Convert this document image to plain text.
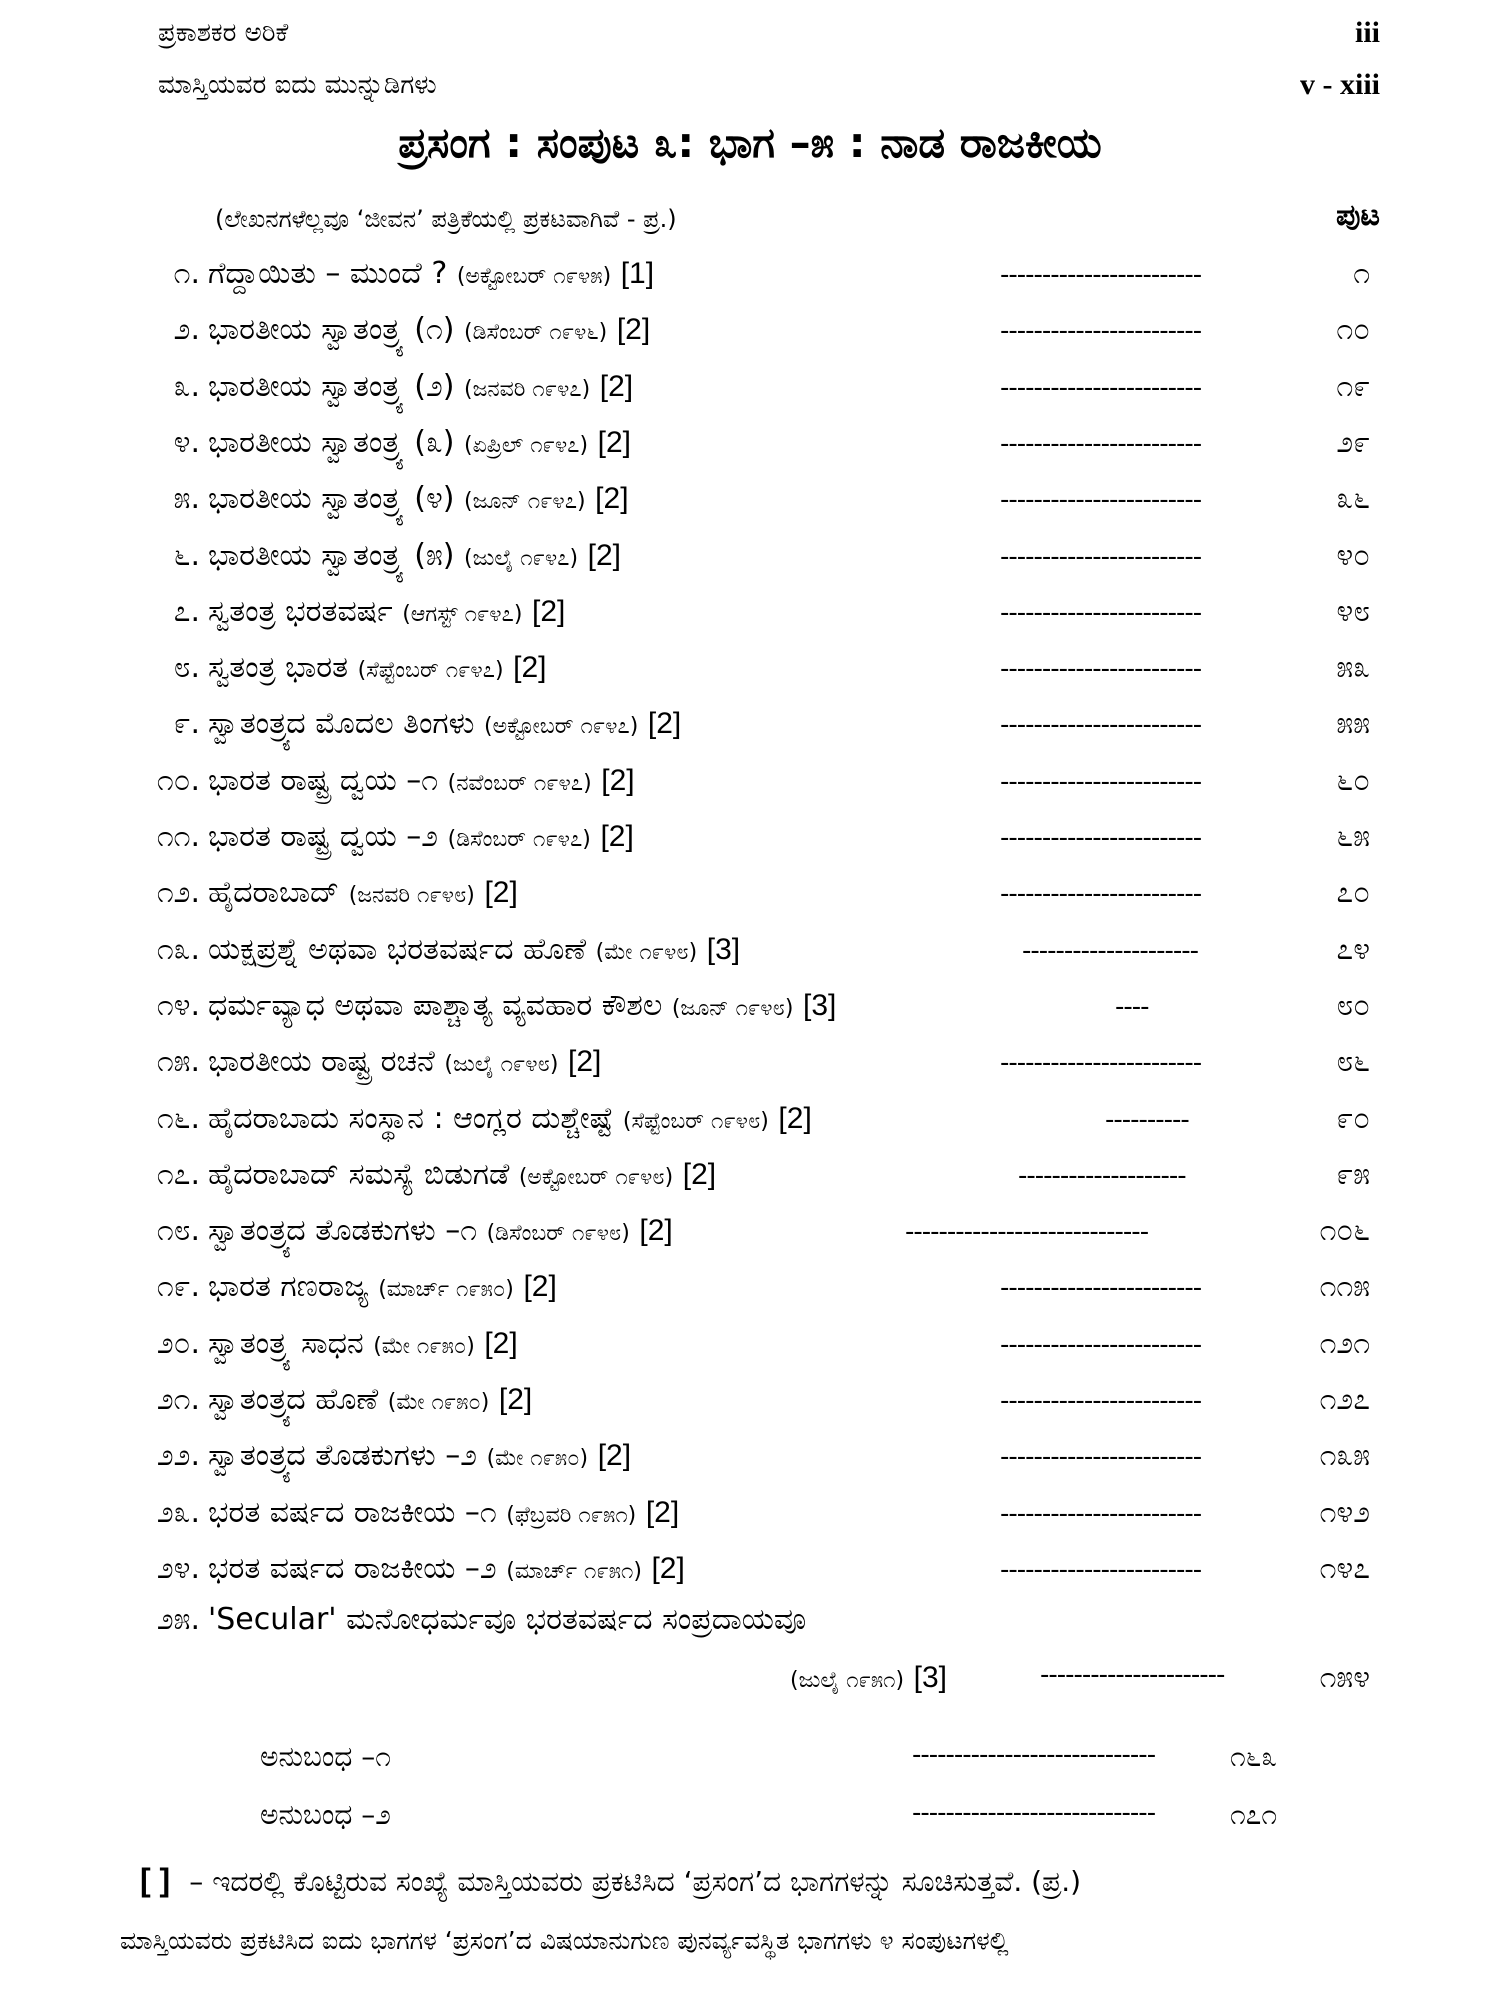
ಪ್ರಕಾಶಕರ ಅರಿಕೆ	iii
ಮಾಸ್ತಿಯವರ ಐದು ಮುನ್ನುಡಿಗಳು	v - xiii
ಪ್ರಸಂಗ : ಸಂಪುಟ ೩: ಭಾಗ –೫ : ನಾಡ ರಾಜಕೀಯ
(ಲೇಖನಗಳೆಲ್ಲವೂ ‘ಜೀವನ’ ಪತ್ರಿಕೆಯಲ್ಲಿ ಪ್ರಕಟವಾಗಿವೆ - ಪ್ರ.)	ಪುಟ
೧. ಗೆದ್ದಾಯಿತು – ಮುಂದೆ ? (ಅಕ್ಟೋಬರ್ ೧೯೪೫) [1]	------------------------	೧
೨. ಭಾರತೀಯ ಸ್ವಾತಂತ್ರ್ಯ (೧) (ಡಿಸೆಂಬರ್ ೧೯೪೬) [2]	------------------------	೧೦
೩. ಭಾರತೀಯ ಸ್ವಾತಂತ್ರ್ಯ (೨) (ಜನವರಿ ೧೯೪೭) [2]	------------------------	೧೯
೪. ಭಾರತೀಯ ಸ್ವಾತಂತ್ರ್ಯ (೩) (ಏಪ್ರಿಲ್ ೧೯೪೭) [2]	------------------------	೨೯
೫. ಭಾರತೀಯ ಸ್ವಾತಂತ್ರ್ಯ (೪) (ಜೂನ್ ೧೯೪೭) [2]	------------------------	೩೬
೬. ಭಾರತೀಯ ಸ್ವಾತಂತ್ರ್ಯ (೫) (ಜುಲೈ ೧೯೪೭) [2]	------------------------	೪೦
೭. ಸ್ವತಂತ್ರ ಭರತವರ್ಷ (ಆಗಸ್ಟ್ ೧೯೪೭) [2]	------------------------	೪೮
೮. ಸ್ವತಂತ್ರ ಭಾರತ (ಸೆಪ್ಟೆಂಬರ್ ೧೯೪೭) [2]	------------------------	೫೩
೯. ಸ್ವಾತಂತ್ರ್ಯದ ಮೊದಲ ತಿಂಗಳು (ಅಕ್ಟೋಬರ್ ೧೯೪೭) [2]	------------------------	೫೫
೧೦. ಭಾರತ ರಾಷ್ಟ್ರ ದ್ವಯ –೧ (ನವೆಂಬರ್ ೧೯೪೭) [2]	------------------------	೬೦
೧೧. ಭಾರತ ರಾಷ್ಟ್ರ ದ್ವಯ –೨ (ಡಿಸೆಂಬರ್ ೧೯೪೭) [2]	------------------------	೬೫
೧೨. ಹೈದರಾಬಾದ್ (ಜನವರಿ ೧೯೪೮) [2]	------------------------	೭೦
೧೩. ಯಕ್ಷಪ್ರಶ್ನೆ ಅಥವಾ ಭರತವರ್ಷದ ಹೊಣೆ (ಮೇ ೧೯೪೮) [3]	---------------------	೭೪
೧೪. ಧರ್ಮವ್ಯಾಧ ಅಥವಾ ಪಾಶ್ಚಾತ್ಯ ವ್ಯವಹಾರ ಕೌಶಲ (ಜೂನ್ ೧೯೪೮) [3]	----	೮೦
೧೫. ಭಾರತೀಯ ರಾಷ್ಟ್ರ ರಚನೆ (ಜುಲೈ ೧೯೪೮) [2]	------------------------	೮೬
೧೬. ಹೈದರಾಬಾದು ಸಂಸ್ಥಾನ : ಆಂಗ್ಲರ ದುಶ್ಚೇಷ್ಟೆ (ಸೆಪ್ಟೆಂಬರ್ ೧೯೪೮) [2]	----------	೯೦
೧೭. ಹೈದರಾಬಾದ್ ಸಮಸ್ಯೆ ಬಿಡುಗಡೆ (ಅಕ್ಟೋಬರ್ ೧೯೪೮) [2]	--------------------	೯೫
೧೮. ಸ್ವಾತಂತ್ರ್ಯದ ತೊಡಕುಗಳು –೧ (ಡಿಸೆಂಬರ್ ೧೯೪೮) [2]	-----------------------------	೧೦೬
೧೯. ಭಾರತ ಗಣರಾಜ್ಯ (ಮಾರ್ಚ್ ೧೯೫೦) [2]	------------------------	೧೧೫
೨೦. ಸ್ವಾತಂತ್ರ್ಯ ಸಾಧನ (ಮೇ ೧೯೫೦) [2]	------------------------	೧೨೧
೨೧. ಸ್ವಾತಂತ್ರ್ಯದ ಹೊಣೆ (ಮೇ ೧೯೫೦) [2]	------------------------	೧೨೭
೨೨. ಸ್ವಾತಂತ್ರ್ಯದ ತೊಡಕುಗಳು –೨ (ಮೇ ೧೯೫೦) [2]	------------------------	೧೩೫
೨೩. ಭರತ ವರ್ಷದ ರಾಜಕೀಯ –೧ (ಫೆಬ್ರವರಿ ೧೯೫೧) [2]	------------------------	೧೪೨
೨೪. ಭರತ ವರ್ಷದ ರಾಜಕೀಯ –೨ (ಮಾರ್ಚ್ ೧೯೫೧) [2]	------------------------	೧೪೭
೨೫. 'Secular' ಮನೋಧರ್ಮವೂ ಭರತವರ್ಷದ ಸಂಪ್ರದಾಯವೂ
(ಜುಲೈ ೧೯೫೧) [3]	----------------------	೧೫೪
ಅನುಬಂಧ –೧	-----------------------------	೧೬೩
ಅನುಬಂಧ –೨	-----------------------------	೧೭೧
[ ] – ಇದರಲ್ಲಿ ಕೊಟ್ಟಿರುವ ಸಂಖ್ಯೆ ಮಾಸ್ತಿಯವರು ಪ್ರಕಟಿಸಿದ ‘ಪ್ರಸಂಗ’ದ ಭಾಗಗಳನ್ನು ಸೂಚಿಸುತ್ತವೆ. (ಪ್ರ.)
ಮಾಸ್ತಿಯವರು ಪ್ರಕಟಿಸಿದ ಐದು ಭಾಗಗಳ ‘ಪ್ರಸಂಗ’ದ ವಿಷಯಾನುಗುಣ ಪುನರ್ವ್ಯವಸ್ಥಿತ ಭಾಗಗಳು ೪ ಸಂಪುಟಗಳಲ್ಲಿ
